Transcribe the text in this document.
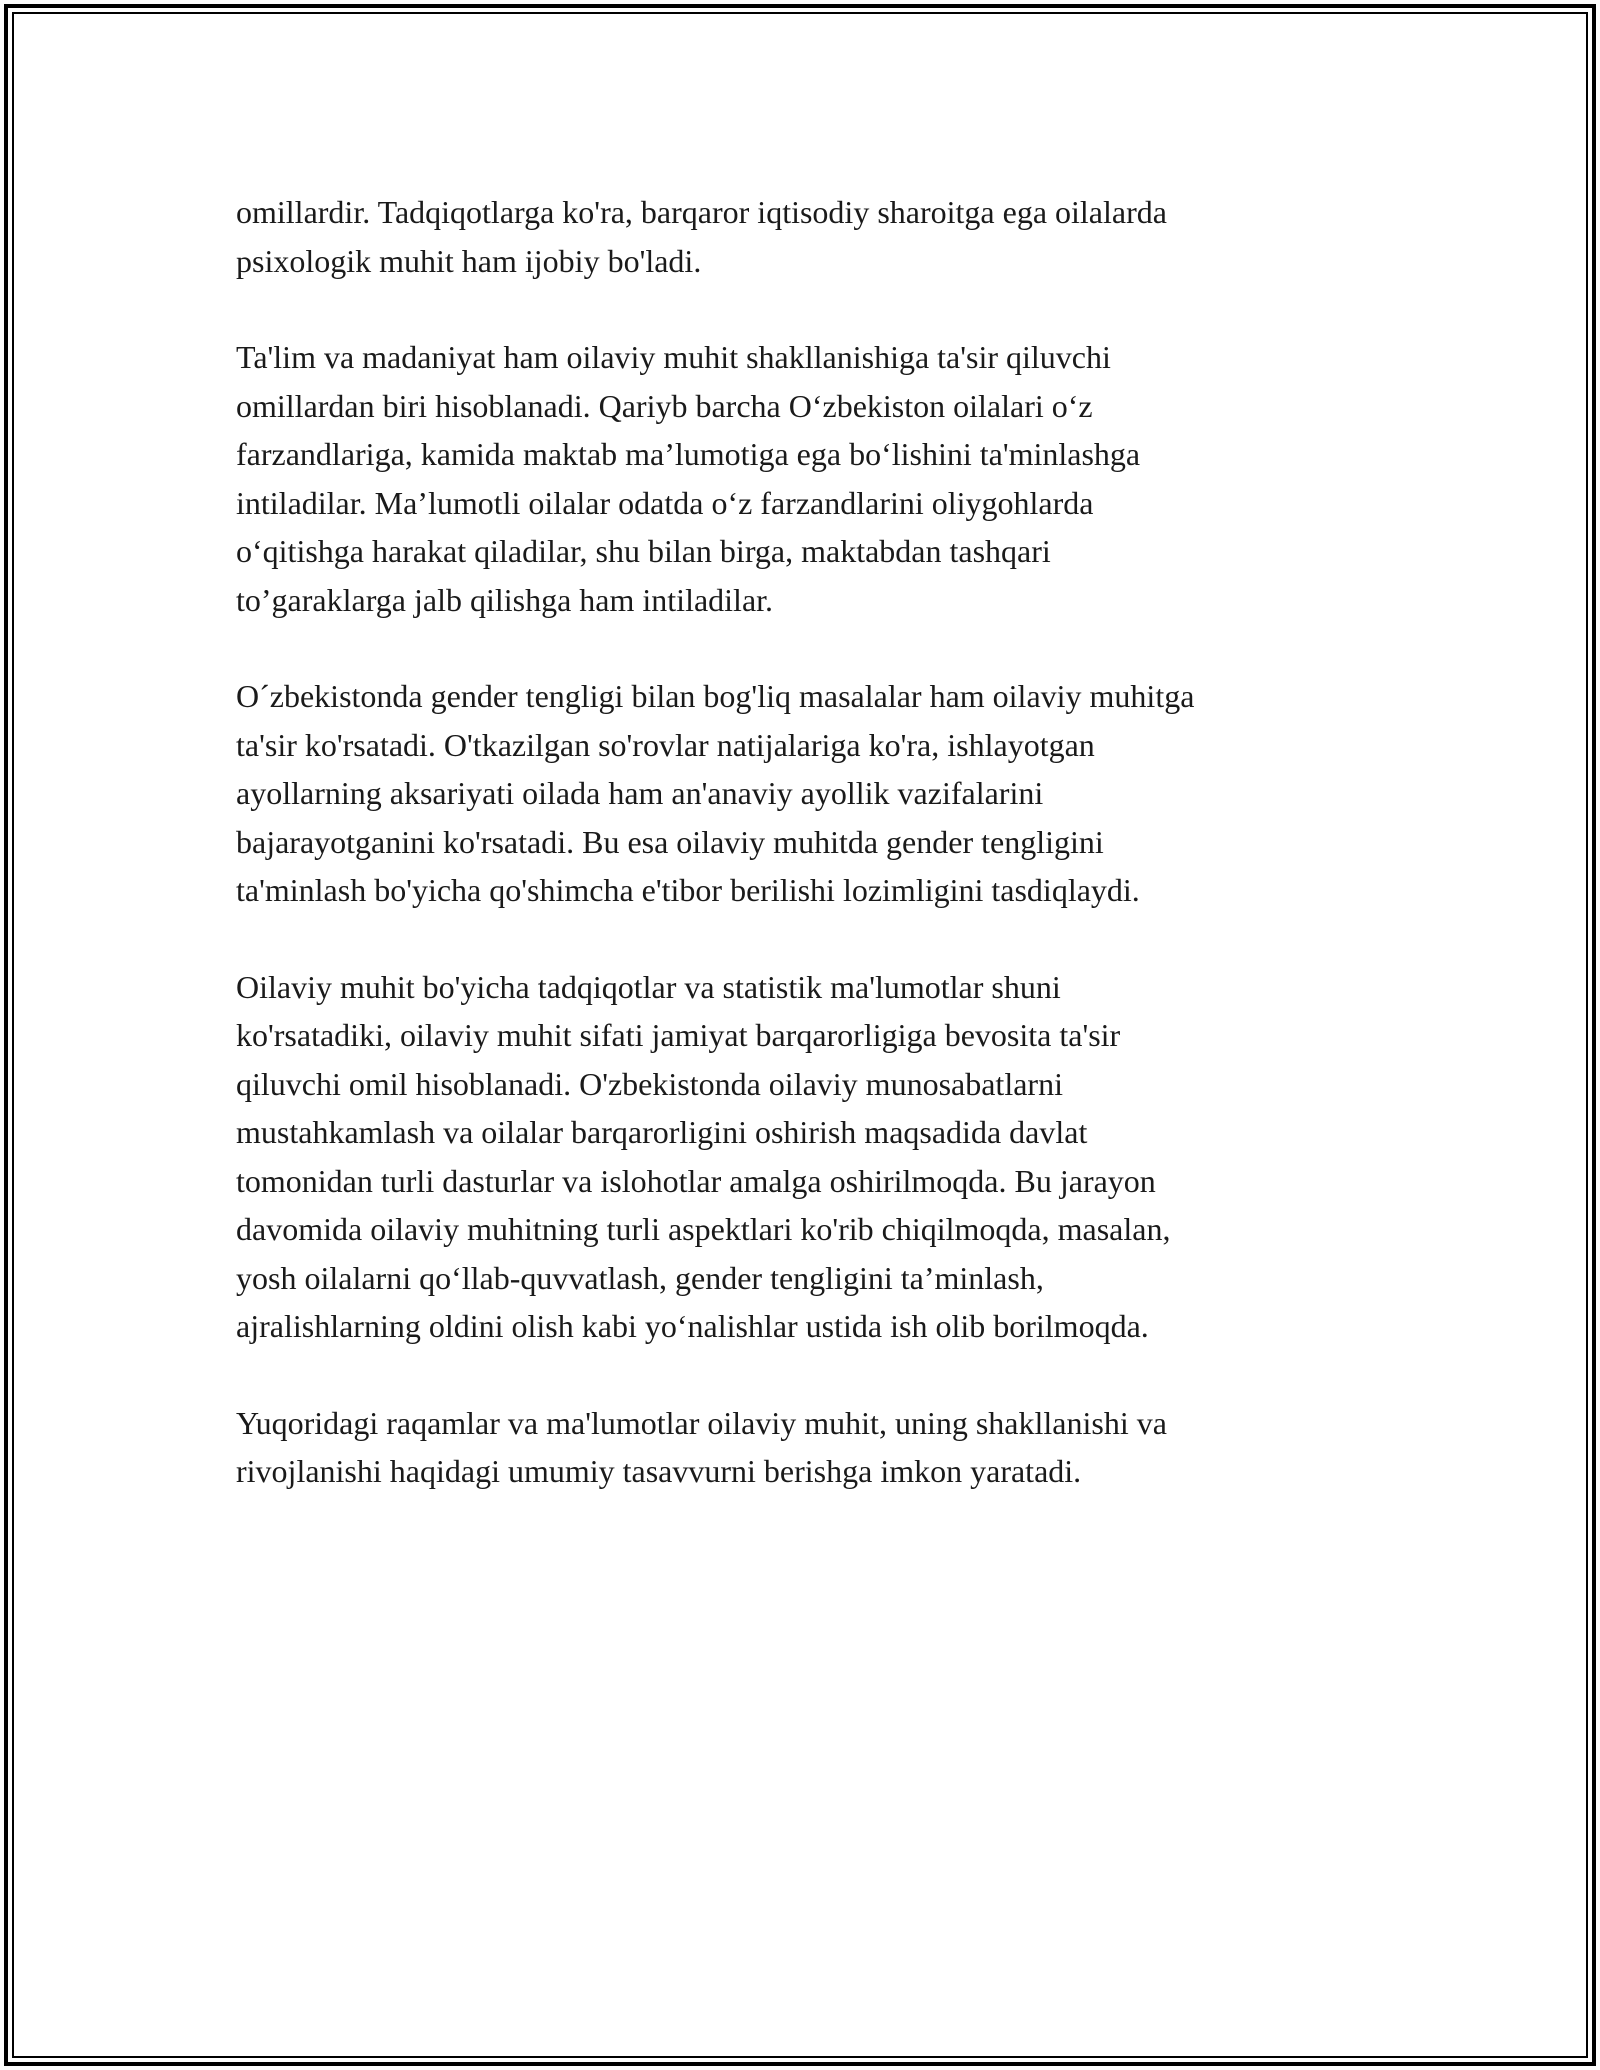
omillardir. Tadqiqotlarga ko'ra, barqaror iqtisodiy sharoitga ega oilalarda
psixologik muhit ham ijobiy bo'ladi.

Ta'lim va madaniyat ham oilaviy muhit shakllanishiga ta'sir qiluvchi
omillardan biri hisoblanadi. Qariyb barcha O‘zbekiston oilalari o‘z
farzandlariga, kamida maktab ma’lumotiga ega bo‘lishini ta'minlashga
intiladilar. Ma’lumotli oilalar odatda o‘z farzandlarini oliygohlarda
o‘qitishga harakat qiladilar, shu bilan birga, maktabdan tashqari
to’garaklarga jalb qilishga ham intiladilar.

O´zbekistonda gender tengligi bilan bog'liq masalalar ham oilaviy muhitga
ta'sir ko'rsatadi. O'tkazilgan so'rovlar natijalariga ko'ra, ishlayotgan
ayollarning aksariyati oilada ham an'anaviy ayollik vazifalarini
bajarayotganini ko'rsatadi. Bu esa oilaviy muhitda gender tengligini
ta'minlash bo'yicha qo'shimcha e'tibor berilishi lozimligini tasdiqlaydi.

Oilaviy muhit bo'yicha tadqiqotlar va statistik ma'lumotlar shuni
ko'rsatadiki, oilaviy muhit sifati jamiyat barqarorligiga bevosita ta'sir
qiluvchi omil hisoblanadi. O'zbekistonda oilaviy munosabatlarni
mustahkamlash va oilalar barqarorligini oshirish maqsadida davlat
tomonidan turli dasturlar va islohotlar amalga oshirilmoqda. Bu jarayon
davomida oilaviy muhitning turli aspektlari ko'rib chiqilmoqda, masalan,
yosh oilalarni qo‘llab-quvvatlash, gender tengligini ta’minlash,
ajralishlarning oldini olish kabi yo‘nalishlar ustida ish olib borilmoqda.

Yuqoridagi raqamlar va ma'lumotlar oilaviy muhit, uning shakllanishi va
rivojlanishi haqidagi umumiy tasavvurni berishga imkon yaratadi.
